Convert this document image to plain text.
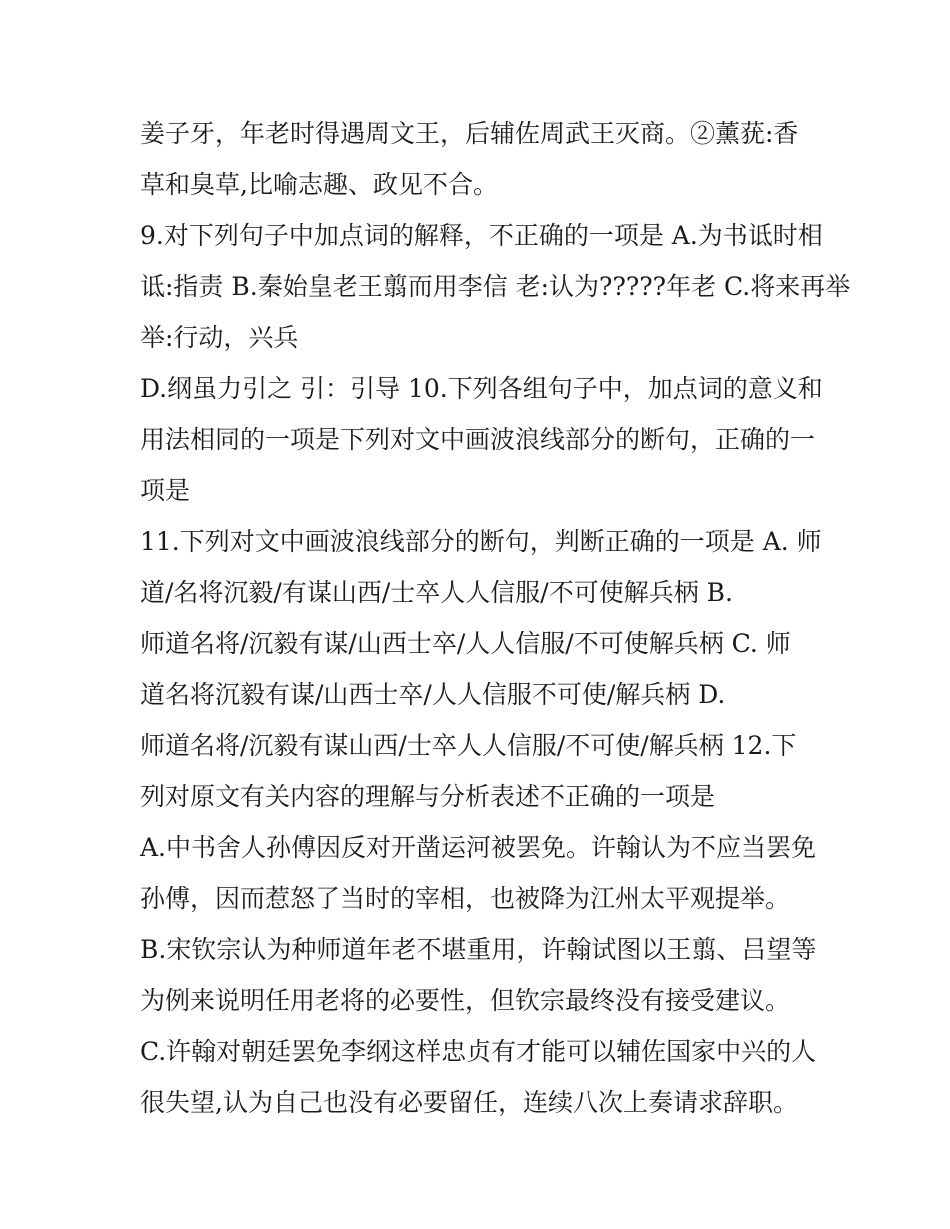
姜子牙，年老时得遇周文王，后辅佐周武王灭商。②薰莸:香
草和臭草,比喻志趣、政见不合。
9.对下列句子中加点词的解释，不正确的一项是 A.为书诋时相
诋:指责 B.秦始皇老王翦而用李信 老:认为?????年老 C.将来再举
举:行动，兴兵
D.纲虽力引之 引：引导 10.下列各组句子中，加点词的意义和
用法相同的一项是下列对文中画波浪线部分的断句，正确的一
项是
11.下列对文中画波浪线部分的断句，判断正确的一项是 A. 师
道/名将沉毅/有谋山西/士卒人人信服/不可使解兵柄 B.
师道名将/沉毅有谋/山西士卒/人人信服/不可使解兵柄 C. 师
道名将沉毅有谋/山西士卒/人人信服不可使/解兵柄 D.
师道名将/沉毅有谋山西/士卒人人信服/不可使/解兵柄 12.下
列对原文有关内容的理解与分析表述不正确的一项是
A.中书舍人孙傅因反对开凿运河被罢免。许翰认为不应当罢免
孙傅，因而惹怒了当时的宰相，也被降为江州太平观提举。
B.宋钦宗认为种师道年老不堪重用，许翰试图以王翦、吕望等
为例来说明任用老将的必要性，但钦宗最终没有接受建议。
C.许翰对朝廷罢免李纲这样忠贞有才能可以辅佐国家中兴的人
很失望,认为自己也没有必要留任，连续八次上奏请求辞职。
